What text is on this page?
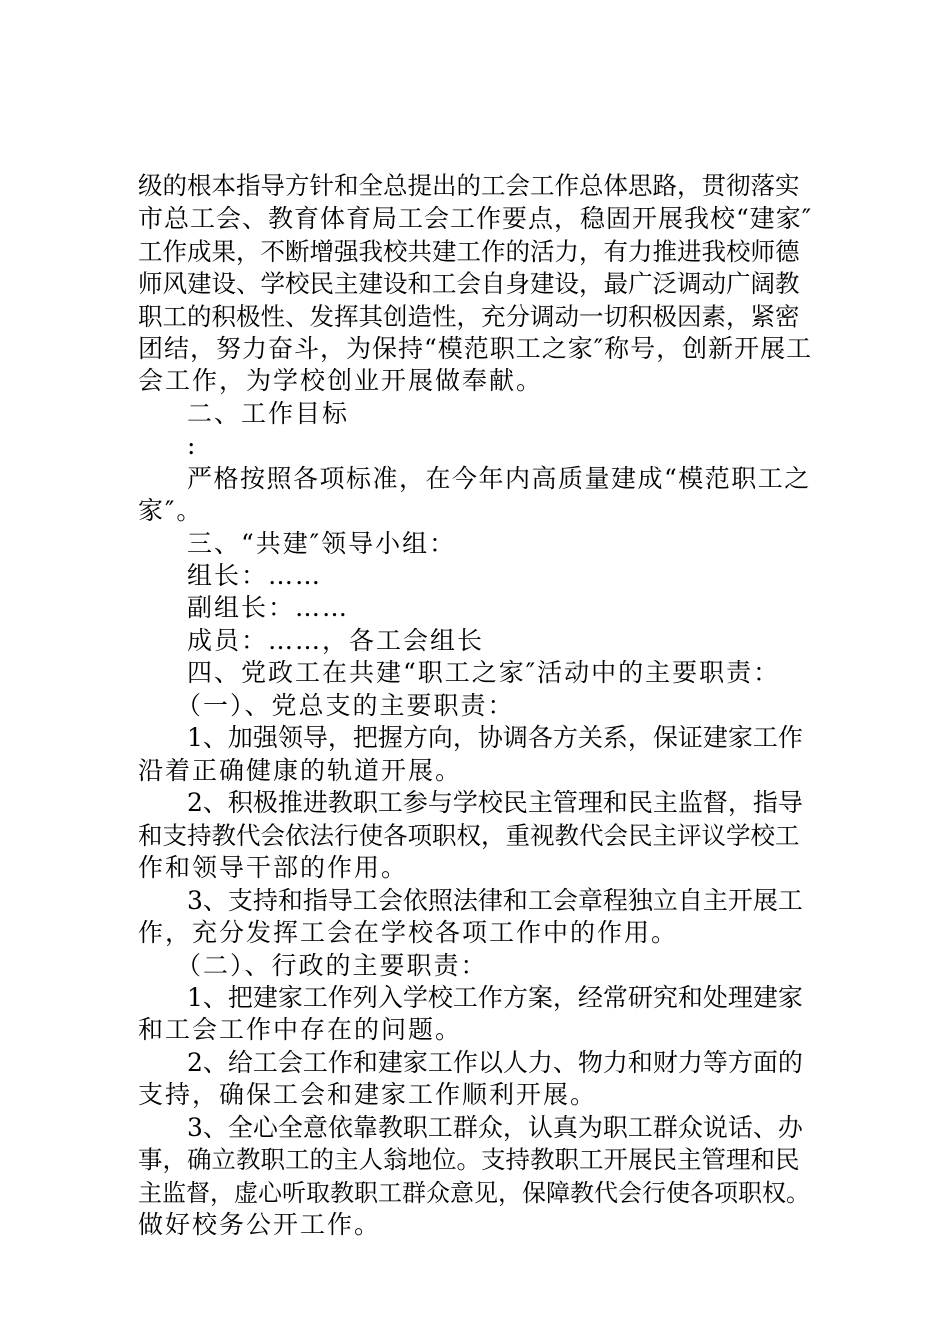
级的根本指导方针和全总提出的工会工作总体思路，贯彻落实
市总工会、教育体育局工会工作要点，稳固开展我校“建家″
工作成果，不断增强我校共建工作的活力，有力推进我校师德
师风建设、学校民主建设和工会自身建设，最广泛调动广阔教
职工的积极性、发挥其创造性，充分调动一切积极因素，紧密
团结，努力奋斗，为保持“模范职工之家″称号，创新开展工
会工作，为学校创业开展做奉献。
二、工作目标
:
严格按照各项标准，在今年内高质量建成“模范职工之
家″。
三、“共建″领导小组：
组长：……
副组长：……
成员：……，各工会组长
四、党政工在共建“职工之家″活动中的主要职责：
（一）、党总支的主要职责：
1、加强领导，把握方向，协调各方关系，保证建家工作
沿着正确健康的轨道开展。
2、积极推进教职工参与学校民主管理和民主监督，指导
和支持教代会依法行使各项职权，重视教代会民主评议学校工
作和领导干部的作用。
3、支持和指导工会依照法律和工会章程独立自主开展工
作，充分发挥工会在学校各项工作中的作用。
（二）、行政的主要职责：
1、把建家工作列入学校工作方案，经常研究和处理建家
和工会工作中存在的问题。
2、给工会工作和建家工作以人力、物力和财力等方面的
支持，确保工会和建家工作顺利开展。
3、全心全意依靠教职工群众，认真为职工群众说话、办
事，确立教职工的主人翁地位。支持教职工开展民主管理和民
主监督，虚心听取教职工群众意见，保障教代会行使各项职权。
做好校务公开工作。
